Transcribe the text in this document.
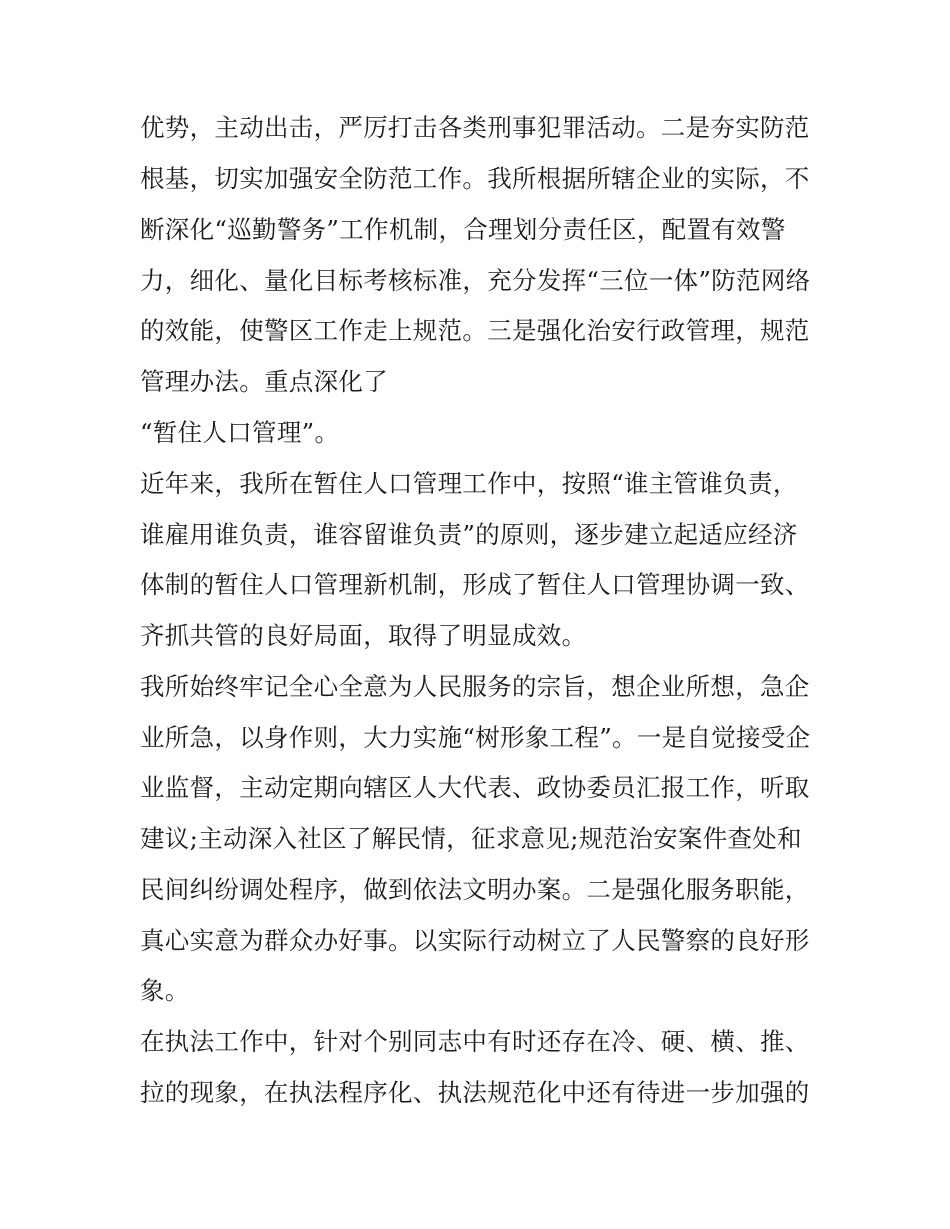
优势，主动出击，严厉打击各类刑事犯罪活动。二是夯实防范
根基，切实加强安全防范工作。我所根据所辖企业的实际，不
断深化“巡勤警务”工作机制，合理划分责任区，配置有效警
力，细化、量化目标考核标准，充分发挥“三位一体”防范网络
的效能，使警区工作走上规范。三是强化治安行政管理，规范
管理办法。重点深化了
“暂住人口管理”。
近年来，我所在暂住人口管理工作中，按照“谁主管谁负责，
谁雇用谁负责，谁容留谁负责”的原则，逐步建立起适应经济
体制的暂住人口管理新机制，形成了暂住人口管理协调一致、
齐抓共管的良好局面，取得了明显成效。
我所始终牢记全心全意为人民服务的宗旨，想企业所想，急企
业所急，以身作则，大力实施“树形象工程”。一是自觉接受企
业监督，主动定期向辖区人大代表、政协委员汇报工作，听取
建议;主动深入社区了解民情，征求意见;规范治安案件查处和
民间纠纷调处程序，做到依法文明办案。二是强化服务职能，
真心实意为群众办好事。以实际行动树立了人民警察的良好形
象。
在执法工作中，针对个别同志中有时还存在冷、硬、横、推、
拉的现象，在执法程序化、执法规范化中还有待进一步加强的
